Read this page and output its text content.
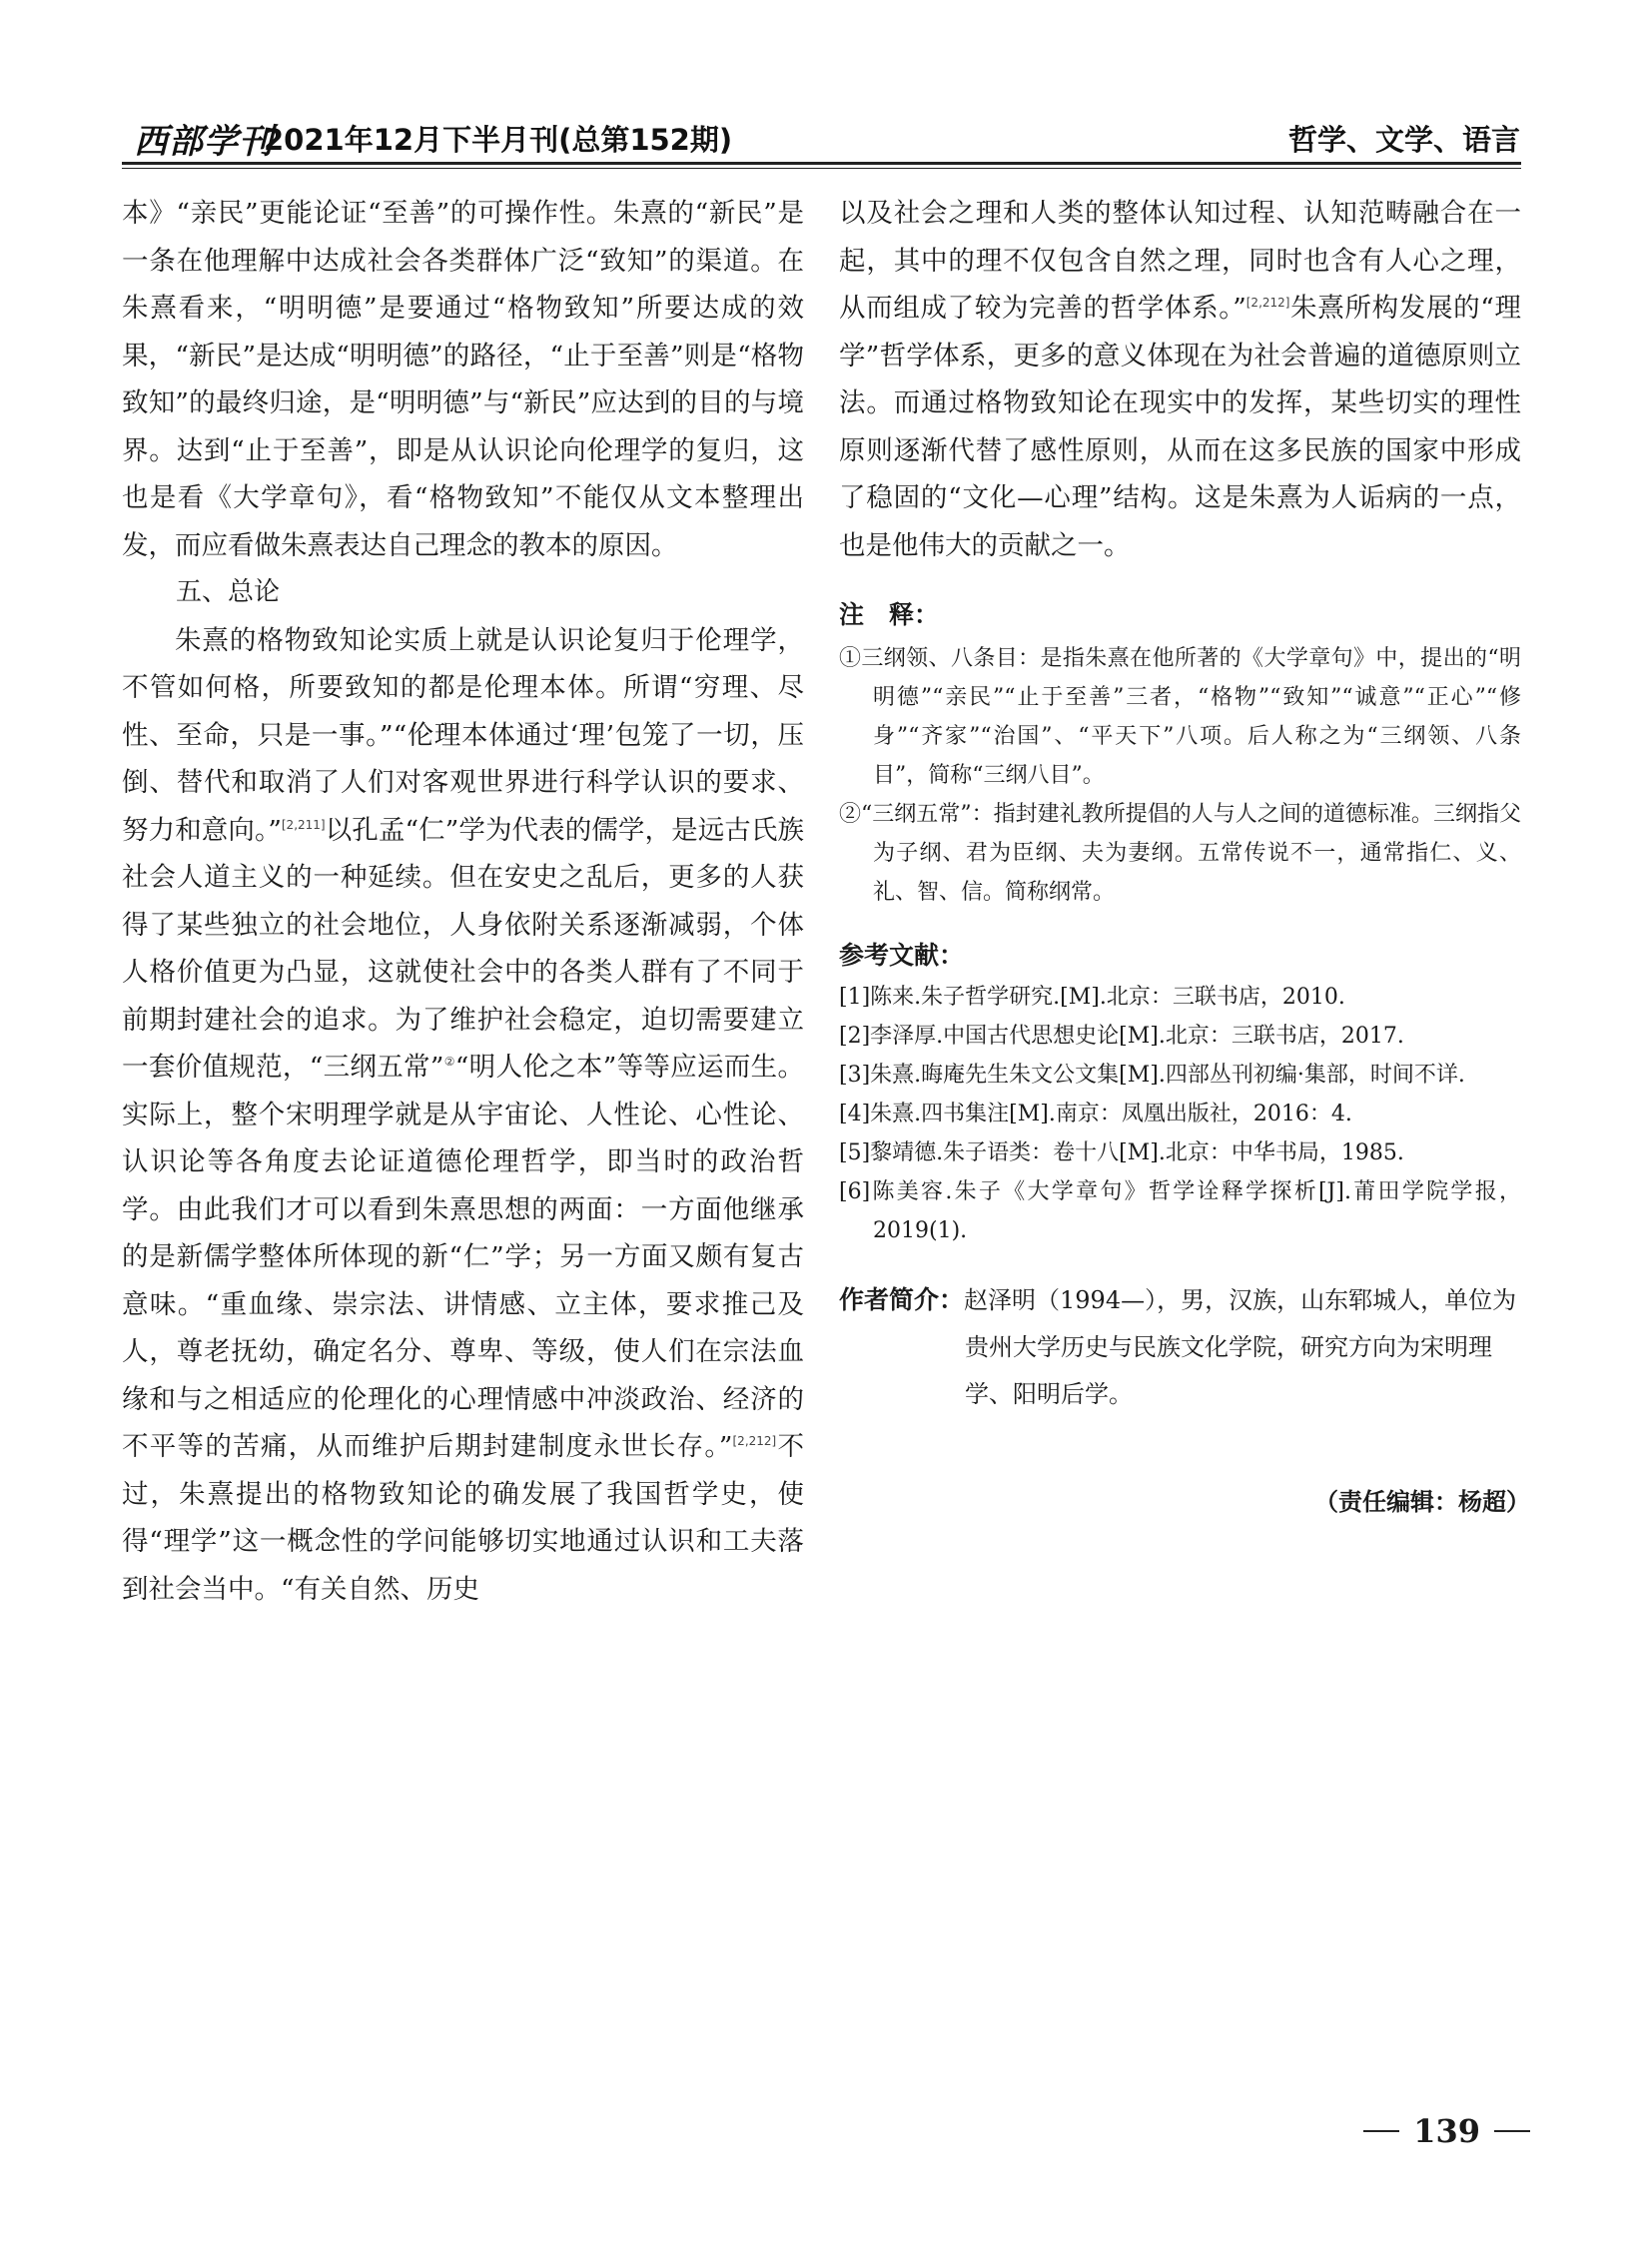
西部学刊
2021年12月下半月刊(总第152期)	哲学、文学、语言

本》“亲民”更能论证“至善”的可操作性。朱熹的“新民”是一条在他理解中达成社会各类群体广泛“致知”的渠道。在朱熹看来，“明明德”是要通过“格物致知”所要达成的效果，“新民”是达成“明明德”的路径，“止于至善”则是“格物致知”的最终归途，是“明明德”与“新民”应达到的目的与境界。达到“止于至善”，即是从认识论向伦理学的复归，这也是看《大学章句》，看“格物致知”不能仅从文本整理出发，而应看做朱熹表达自己理念的教本的原因。

五、总论

朱熹的格物致知论实质上就是认识论复归于伦理学，不管如何格，所要致知的都是伦理本体。所谓“穷理、尽性、至命，只是一事。”“伦理本体通过‘理’包笼了一切，压倒、替代和取消了人们对客观世界进行科学认识的要求、努力和意向。”[2,211]以孔孟“仁”学为代表的儒学，是远古氏族社会人道主义的一种延续。但在安史之乱后，更多的人获得了某些独立的社会地位，人身依附关系逐渐减弱，个体人格价值更为凸显，这就使社会中的各类人群有了不同于前期封建社会的追求。为了维护社会稳定，迫切需要建立一套价值规范，“三纲五常”②“明人伦之本”等等应运而生。实际上，整个宋明理学就是从宇宙论、人性论、心性论、认识论等各角度去论证道德伦理哲学，即当时的政治哲学。由此我们才可以看到朱熹思想的两面：一方面他继承的是新儒学整体所体现的新“仁”学；另一方面又颇有复古意味。“重血缘、崇宗法、讲情感、立主体，要求推己及人，尊老抚幼，确定名分、尊卑、等级，使人们在宗法血缘和与之相适应的伦理化的心理情感中冲淡政治、经济的不平等的苦痛，从而维护后期封建制度永世长存。”[2,212]不过，朱熹提出的格物致知论的确发展了我国哲学史，使得“理学”这一概念性的学问能够切实地通过认识和工夫落到社会当中。“有关自然、历史

以及社会之理和人类的整体认知过程、认知范畴融合在一起，其中的理不仅包含自然之理，同时也含有人心之理，从而组成了较为完善的哲学体系。”[2,212]朱熹所构发展的“理学”哲学体系，更多的意义体现在为社会普遍的道德原则立法。而通过格物致知论在现实中的发挥，某些切实的理性原则逐渐代替了感性原则，从而在这多民族的国家中形成了稳固的“文化—心理”结构。这是朱熹为人诟病的一点，也是他伟大的贡献之一。

注　释：

①三纲领、八条目：是指朱熹在他所著的《大学章句》中，提出的“明明德”“亲民”“止于至善”三者，“格物”“致知”“诚意”“正心”“修身”“齐家”“治国”、“平天下”八项。后人称之为“三纲领、八条目”，简称“三纲八目”。

②“三纲五常”：指封建礼教所提倡的人与人之间的道德标准。三纲指父为子纲、君为臣纲、夫为妻纲。五常传说不一，通常指仁、义、礼、智、信。简称纲常。

参考文献：

[1]陈来.朱子哲学研究.[M].北京：三联书店，2010.

[2]李泽厚.中国古代思想史论[M].北京：三联书店，2017.

[3]朱熹.晦庵先生朱文公文集[M].四部丛刊初编·集部，时间不详.

[4]朱熹.四书集注[M].南京：凤凰出版社，2016：4.

[5]黎靖德.朱子语类：卷十八[M].北京：中华书局，1985.

[6]陈美容.朱子《大学章句》哲学诠释学探析[J].莆田学院学报，2019(1).

作者简介：赵泽明（1994—），男，汉族，山东郓城人，单位为贵州大学历史与民族文化学院，研究方向为宋明理学、阳明后学。

（责任编辑：杨超）
139
